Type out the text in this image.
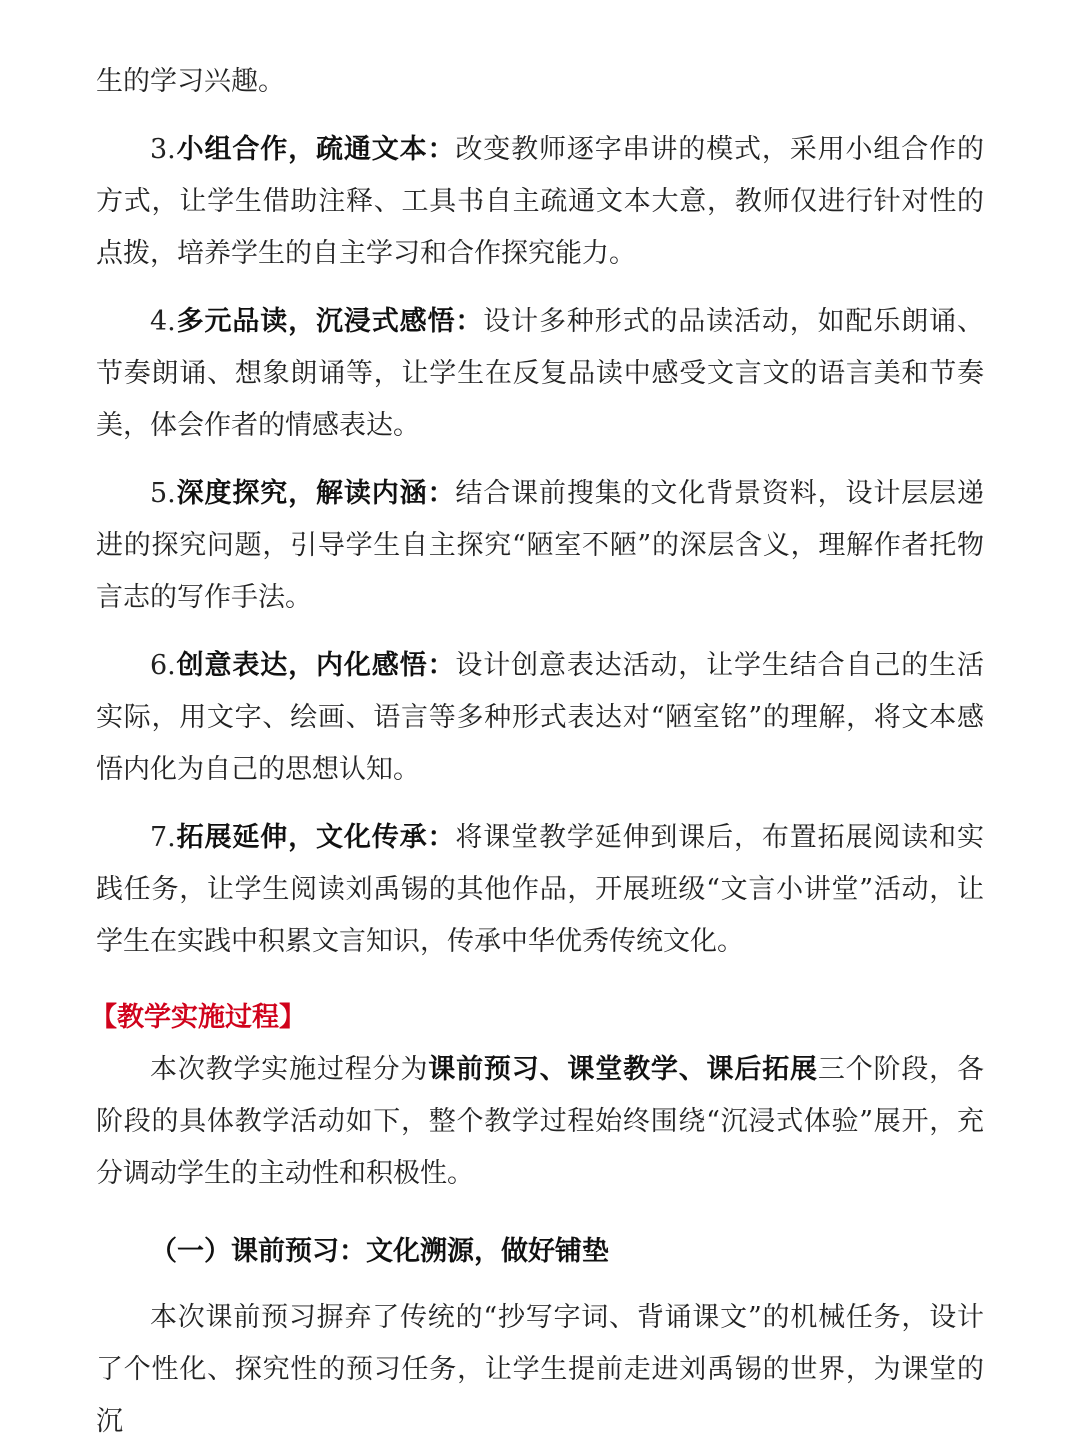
生的学习兴趣。

3.小组合作，疏通文本：改变教师逐字串讲的模式，采用小组合作的方式，让学生借助注释、工具书自主疏通文本大意，教师仅进行针对性的点拨，培养学生的自主学习和合作探究能力。

4.多元品读，沉浸式感悟：设计多种形式的品读活动，如配乐朗诵、节奏朗诵、想象朗诵等，让学生在反复品读中感受文言文的语言美和节奏美，体会作者的情感表达。

5.深度探究，解读内涵：结合课前搜集的文化背景资料，设计层层递进的探究问题，引导学生自主探究“陋室不陋”的深层含义，理解作者托物言志的写作手法。

6.创意表达，内化感悟：设计创意表达活动，让学生结合自己的生活实际，用文字、绘画、语言等多种形式表达对“陋室铭”的理解，将文本感悟内化为自己的思想认知。

7.拓展延伸，文化传承：将课堂教学延伸到课后，布置拓展阅读和实践任务，让学生阅读刘禹锡的其他作品，开展班级“文言小讲堂”活动，让学生在实践中积累文言知识，传承中华优秀传统文化。

【教学实施过程】

本次教学实施过程分为课前预习、课堂教学、课后拓展三个阶段，各阶段的具体教学活动如下，整个教学过程始终围绕“沉浸式体验”展开，充分调动学生的主动性和积极性。

（一）课前预习：文化溯源，做好铺垫

本次课前预习摒弃了传统的“抄写字词、背诵课文”的机械任务，设计了个性化、探究性的预习任务，让学生提前走进刘禹锡的世界，为课堂的沉
